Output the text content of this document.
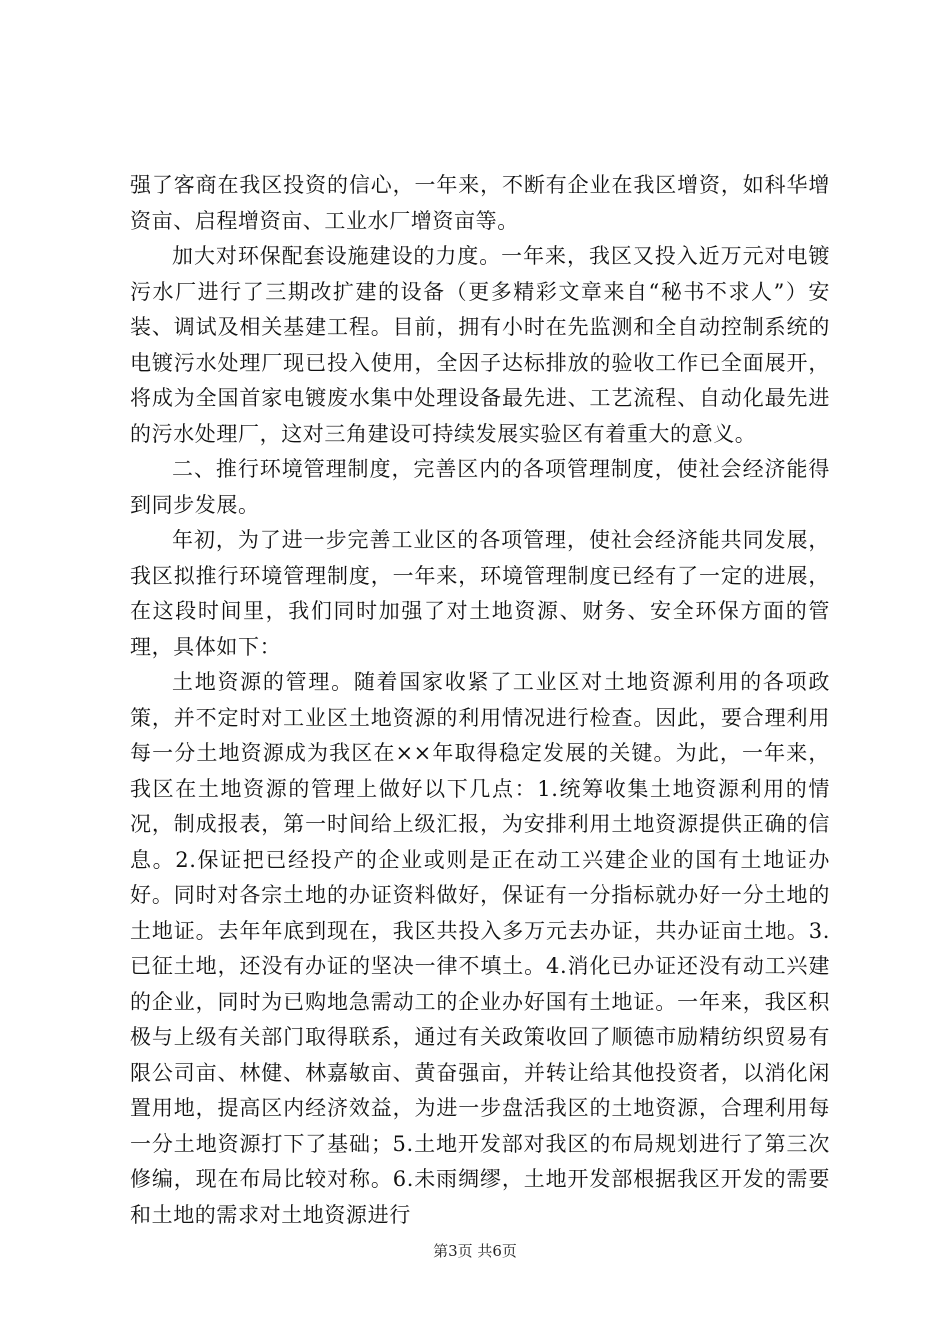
强了客商在我区投资的信心，一年来，不断有企业在我区增资，如科华增资亩、启程增资亩、工业水厂增资亩等。

加大对环保配套设施建设的力度。一年来，我区又投入近万元对电镀污水厂进行了三期改扩建的设备（更多精彩文章来自“秘书不求人”）安装、调试及相关基建工程。目前，拥有小时在先监测和全自动控制系统的电镀污水处理厂现已投入使用，全因子达标排放的验收工作已全面展开，将成为全国首家电镀废水集中处理设备最先进、工艺流程、自动化最先进的污水处理厂，这对三角建设可持续发展实验区有着重大的意义。

二、推行环境管理制度，完善区内的各项管理制度，使社会经济能得到同步发展。

年初，为了进一步完善工业区的各项管理，使社会经济能共同发展，我区拟推行环境管理制度，一年来，环境管理制度已经有了一定的进展，在这段时间里，我们同时加强了对土地资源、财务、安全环保方面的管理，具体如下：

土地资源的管理。随着国家收紧了工业区对土地资源利用的各项政策，并不定时对工业区土地资源的利用情况进行检查。因此，要合理利用每一分土地资源成为我区在××年取得稳定发展的关键。为此，一年来，我区在土地资源的管理上做好以下几点：1.统筹收集土地资源利用的情况，制成报表，第一时间给上级汇报，为安排利用土地资源提供正确的信息。2.保证把已经投产的企业或则是正在动工兴建企业的国有土地证办好。同时对各宗土地的办证资料做好，保证有一分指标就办好一分土地的土地证。去年年底到现在，我区共投入多万元去办证，共办证亩土地。3.已征土地，还没有办证的坚决一律不填土。4.消化已办证还没有动工兴建的企业，同时为已购地急需动工的企业办好国有土地证。一年来，我区积极与上级有关部门取得联系，通过有关政策收回了顺德市励精纺织贸易有限公司亩、林健、林嘉敏亩、黄奋强亩，并转让给其他投资者，以消化闲置用地，提高区内经济效益，为进一步盘活我区的土地资源，合理利用每一分土地资源打下了基础；5.土地开发部对我区的布局规划进行了第三次修编，现在布局比较对称。6.未雨绸缪，土地开发部根据我区开发的需要和土地的需求对土地资源进行

第3页 共6页
